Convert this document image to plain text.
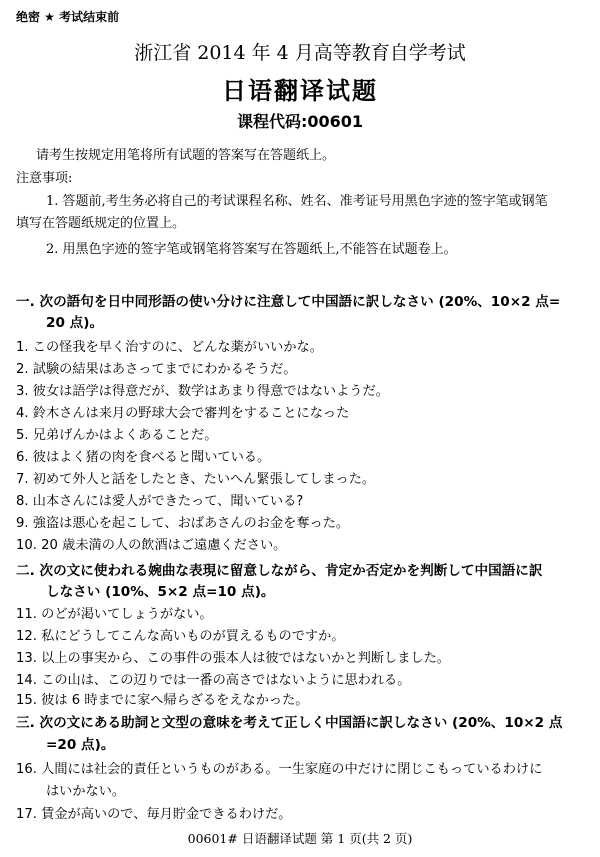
绝密 ★ 考试结束前
浙江省 2014 年 4 月高等教育自学考试
日语翻译试题
课程代码:00601
请考生按规定用笔将所有试题的答案写在答题纸上。
注意事项:
1. 答题前,考生务必将自己的考试课程名称、姓名、准考证号用黑色字迹的签字笔或钢笔
填写在答题纸规定的位置上。
2. 用黑色字迹的签字笔或钢笔将答案写在答题纸上,不能答在试题卷上。
一. 次の語句を日中同形語の使い分けに注意して中国語に訳しなさい (20%、10×2 点=
20 点)。
1. この怪我を早く治すのに、どんな薬がいいかな。
2. 試験の結果はあさってまでにわかるそうだ。
3. 彼女は語学は得意だが、数学はあまり得意ではないようだ。
4. 鈴木さんは来月の野球大会で審判をすることになった
5. 兄弟げんかはよくあることだ。
6. 彼はよく猪の肉を食べると聞いている。
7. 初めて外人と話をしたとき、たいへん緊張してしまった。
8. 山本さんには愛人ができたって、聞いている?
9. 強盗は悪心を起こして、おばあさんのお金を奪った。
10. 20 歳未満の人の飲酒はご遠慮ください。
二. 次の文に使われる婉曲な表現に留意しながら、肯定か否定かを判断して中国語に訳
しなさい (10%、5×2 点=10 点)。
11. のどが渇いてしょうがない。
12. 私にどうしてこんな高いものが買えるものですか。
13. 以上の事実から、この事件の張本人は彼ではないかと判断しました。
14. この山は、この辺りでは一番の高さではないように思われる。
15. 彼は 6 時までに家へ帰らざるをえなかった。
三. 次の文にある助詞と文型の意味を考えて正しく中国語に訳しなさい (20%、10×2 点
=20 点)。
16. 人間には社会的責任というものがある。一生家庭の中だけに閉じこもっているわけに
はいかない。
17. 賃金が高いので、毎月貯金できるわけだ。
00601# 日语翻译试题 第 1 页(共 2 页)
